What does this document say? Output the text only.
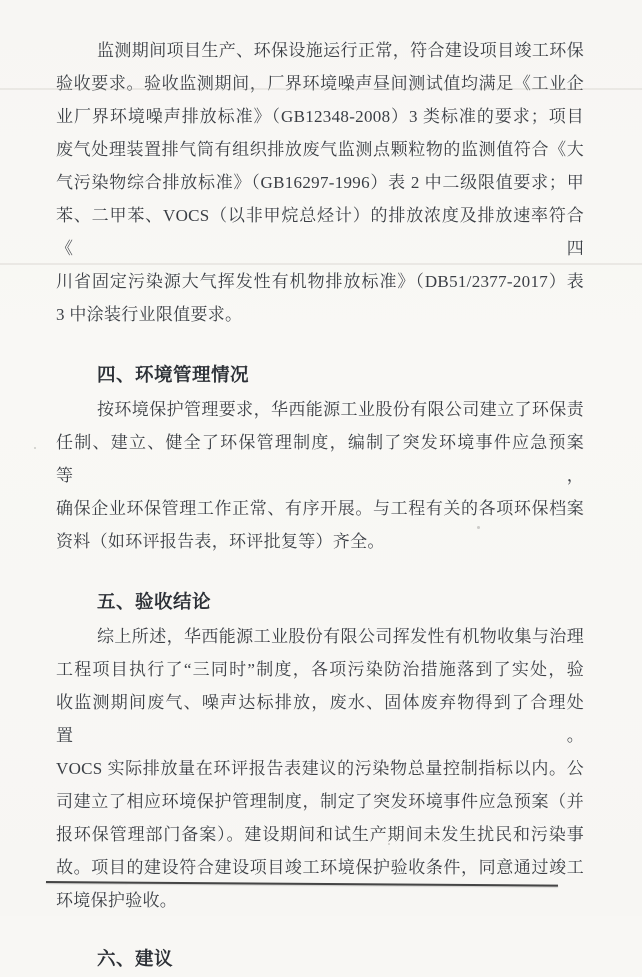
监测期间项目生产、环保设施运行正常，符合建设项目竣工环保
验收要求。验收监测期间，厂界环境噪声昼间测试值均满足《工业企
业厂界环境噪声排放标准》（GB12348-2008）3 类标准的要求；项目
废气处理装置排气筒有组织排放废气监测点颗粒物的监测值符合《大
气污染物综合排放标准》（GB16297-1996）表 2 中二级限值要求；甲
苯、二甲苯、VOCS（以非甲烷总烃计）的排放浓度及排放速率符合《四
川省固定污染源大气挥发性有机物排放标准》（DB51/2377-2017）表
3 中涂装行业限值要求。
四、环境管理情况
按环境保护管理要求，华西能源工业股份有限公司建立了环保责
任制、建立、健全了环保管理制度，编制了突发环境事件应急预案等，
确保企业环保管理工作正常、有序开展。与工程有关的各项环保档案
资料（如环评报告表，环评批复等）齐全。
五、验收结论
综上所述，华西能源工业股份有限公司挥发性有机物收集与治理
工程项目执行了“三同时”制度，各项污染防治措施落到了实处，验
收监测期间废气、噪声达标排放，废水、固体废弃物得到了合理处置。
VOCS 实际排放量在环评报告表建议的污染物总量控制指标以内。公
司建立了相应环境保护管理制度，制定了突发环境事件应急预案（并
报环保管理部门备案）。建设期间和试生产期间未发生扰民和污染事
故。项目的建设符合建设项目竣工环境保护验收条件，同意通过竣工
环境保护验收。
六、建议
